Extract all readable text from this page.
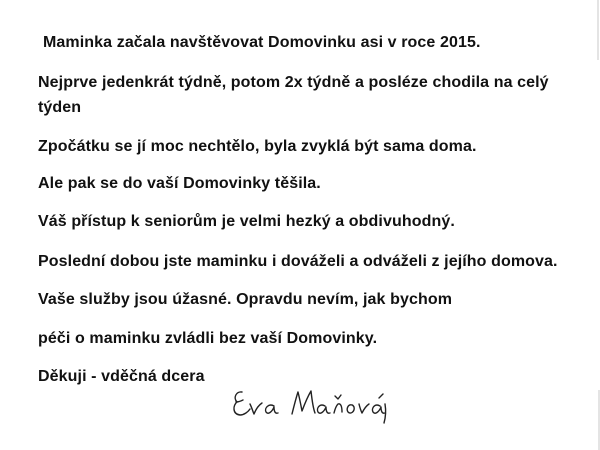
Maminka začala navštěvovat Domovinku asi v roce 2015.
Nejprve jedenkrát týdně, potom 2x týdně a posléze chodila na celý
týden
Zpočátku se jí moc nechtělo, byla zvyklá být sama doma.
Ale pak se do vaší Domovinky těšila.
Váš přístup k seniorům je velmi hezký a obdivuhodný.
Poslední dobou jste maminku i dováželi a odváželi z jejího domova.
Vaše služby jsou úžasné. Opravdu nevím, jak bychom
péči o maminku zvládli bez vaší Domovinky.
Děkuji - vděčná dcera
